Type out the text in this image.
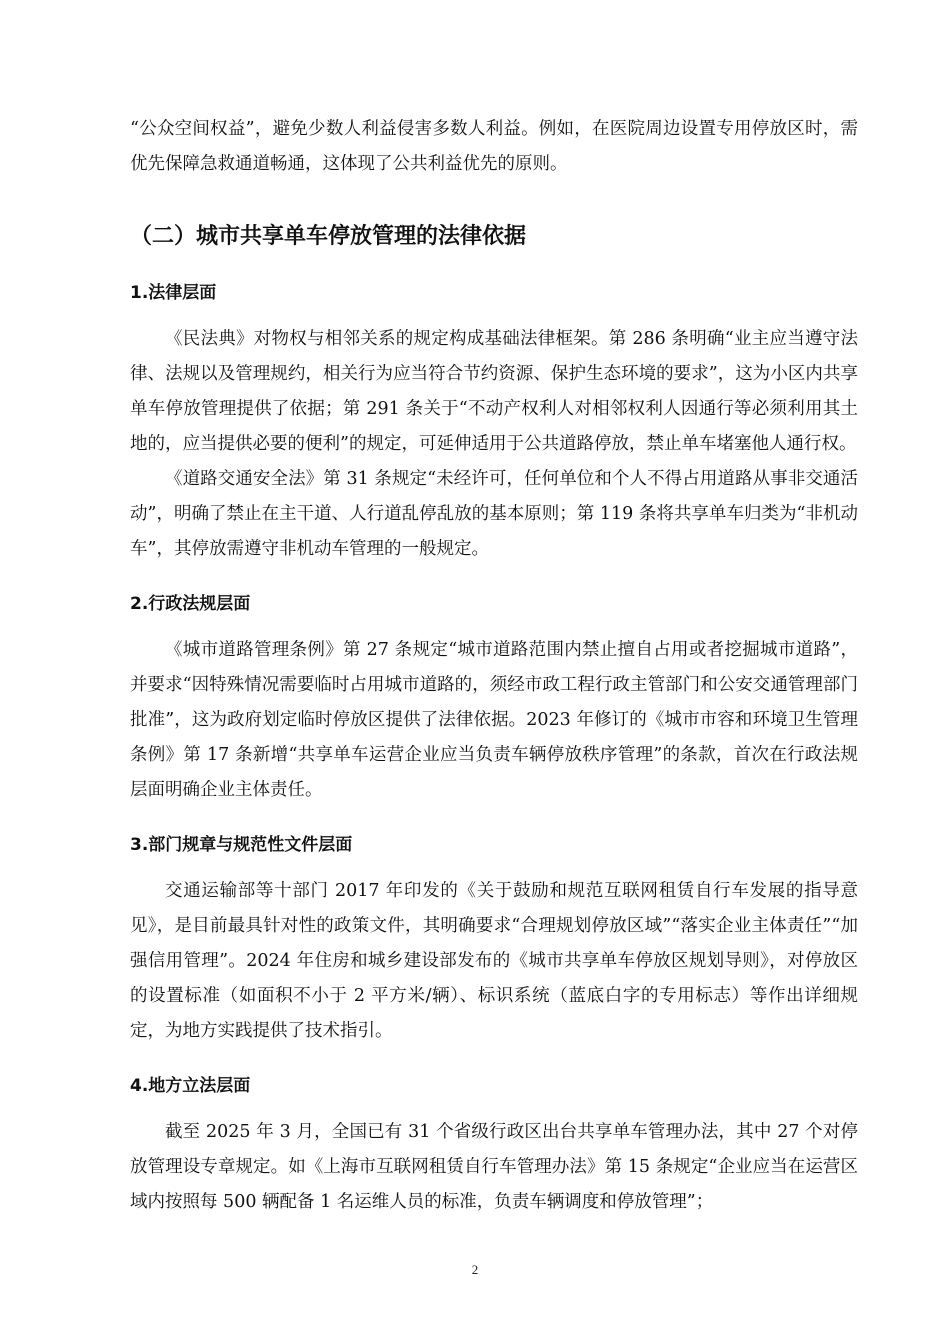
“公众空间权益”，避免少数人利益侵害多数人利益。例如，在医院周边设置专用停放区时，需优先保障急救通道畅通，这体现了公共利益优先的原则。

（二）城市共享单车停放管理的法律依据
1.法律层面

《民法典》对物权与相邻关系的规定构成基础法律框架。第 286 条明确“业主应当遵守法律、法规以及管理规约，相关行为应当符合节约资源、保护生态环境的要求”，这为小区内共享单车停放管理提供了依据；第 291 条关于“不动产权利人对相邻权利人因通行等必须利用其土地的，应当提供必要的便利”的规定，可延伸适用于公共道路停放，禁止单车堵塞他人通行权。

《道路交通安全法》第 31 条规定“未经许可，任何单位和个人不得占用道路从事非交通活动”，明确了禁止在主干道、人行道乱停乱放的基本原则；第 119 条将共享单车归类为“非机动车”，其停放需遵守非机动车管理的一般规定。

2.行政法规层面

《城市道路管理条例》第 27 条规定“城市道路范围内禁止擅自占用或者挖掘城市道路”，并要求“因特殊情况需要临时占用城市道路的，须经市政工程行政主管部门和公安交通管理部门批准”，这为政府划定临时停放区提供了法律依据。2023 年修订的《城市市容和环境卫生管理条例》第 17 条新增“共享单车运营企业应当负责车辆停放秩序管理”的条款，首次在行政法规层面明确企业主体责任。

3.部门规章与规范性文件层面

交通运输部等十部门 2017 年印发的《关于鼓励和规范互联网租赁自行车发展的指导意见》，是目前最具针对性的政策文件，其明确要求“合理规划停放区域”“落实企业主体责任”“加强信用管理”。2024 年住房和城乡建设部发布的《城市共享单车停放区规划导则》，对停放区的设置标准（如面积不小于 2 平方米/辆）、标识系统（蓝底白字的专用标志）等作出详细规定，为地方实践提供了技术指引。

4.地方立法层面

截至 2025 年 3 月，全国已有 31 个省级行政区出台共享单车管理办法，其中 27 个对停放管理设专章规定。如《上海市互联网租赁自行车管理办法》第 15 条规定“企业应当在运营区域内按照每 500 辆配备 1 名运维人员的标准，负责车辆调度和停放管理”；

2
